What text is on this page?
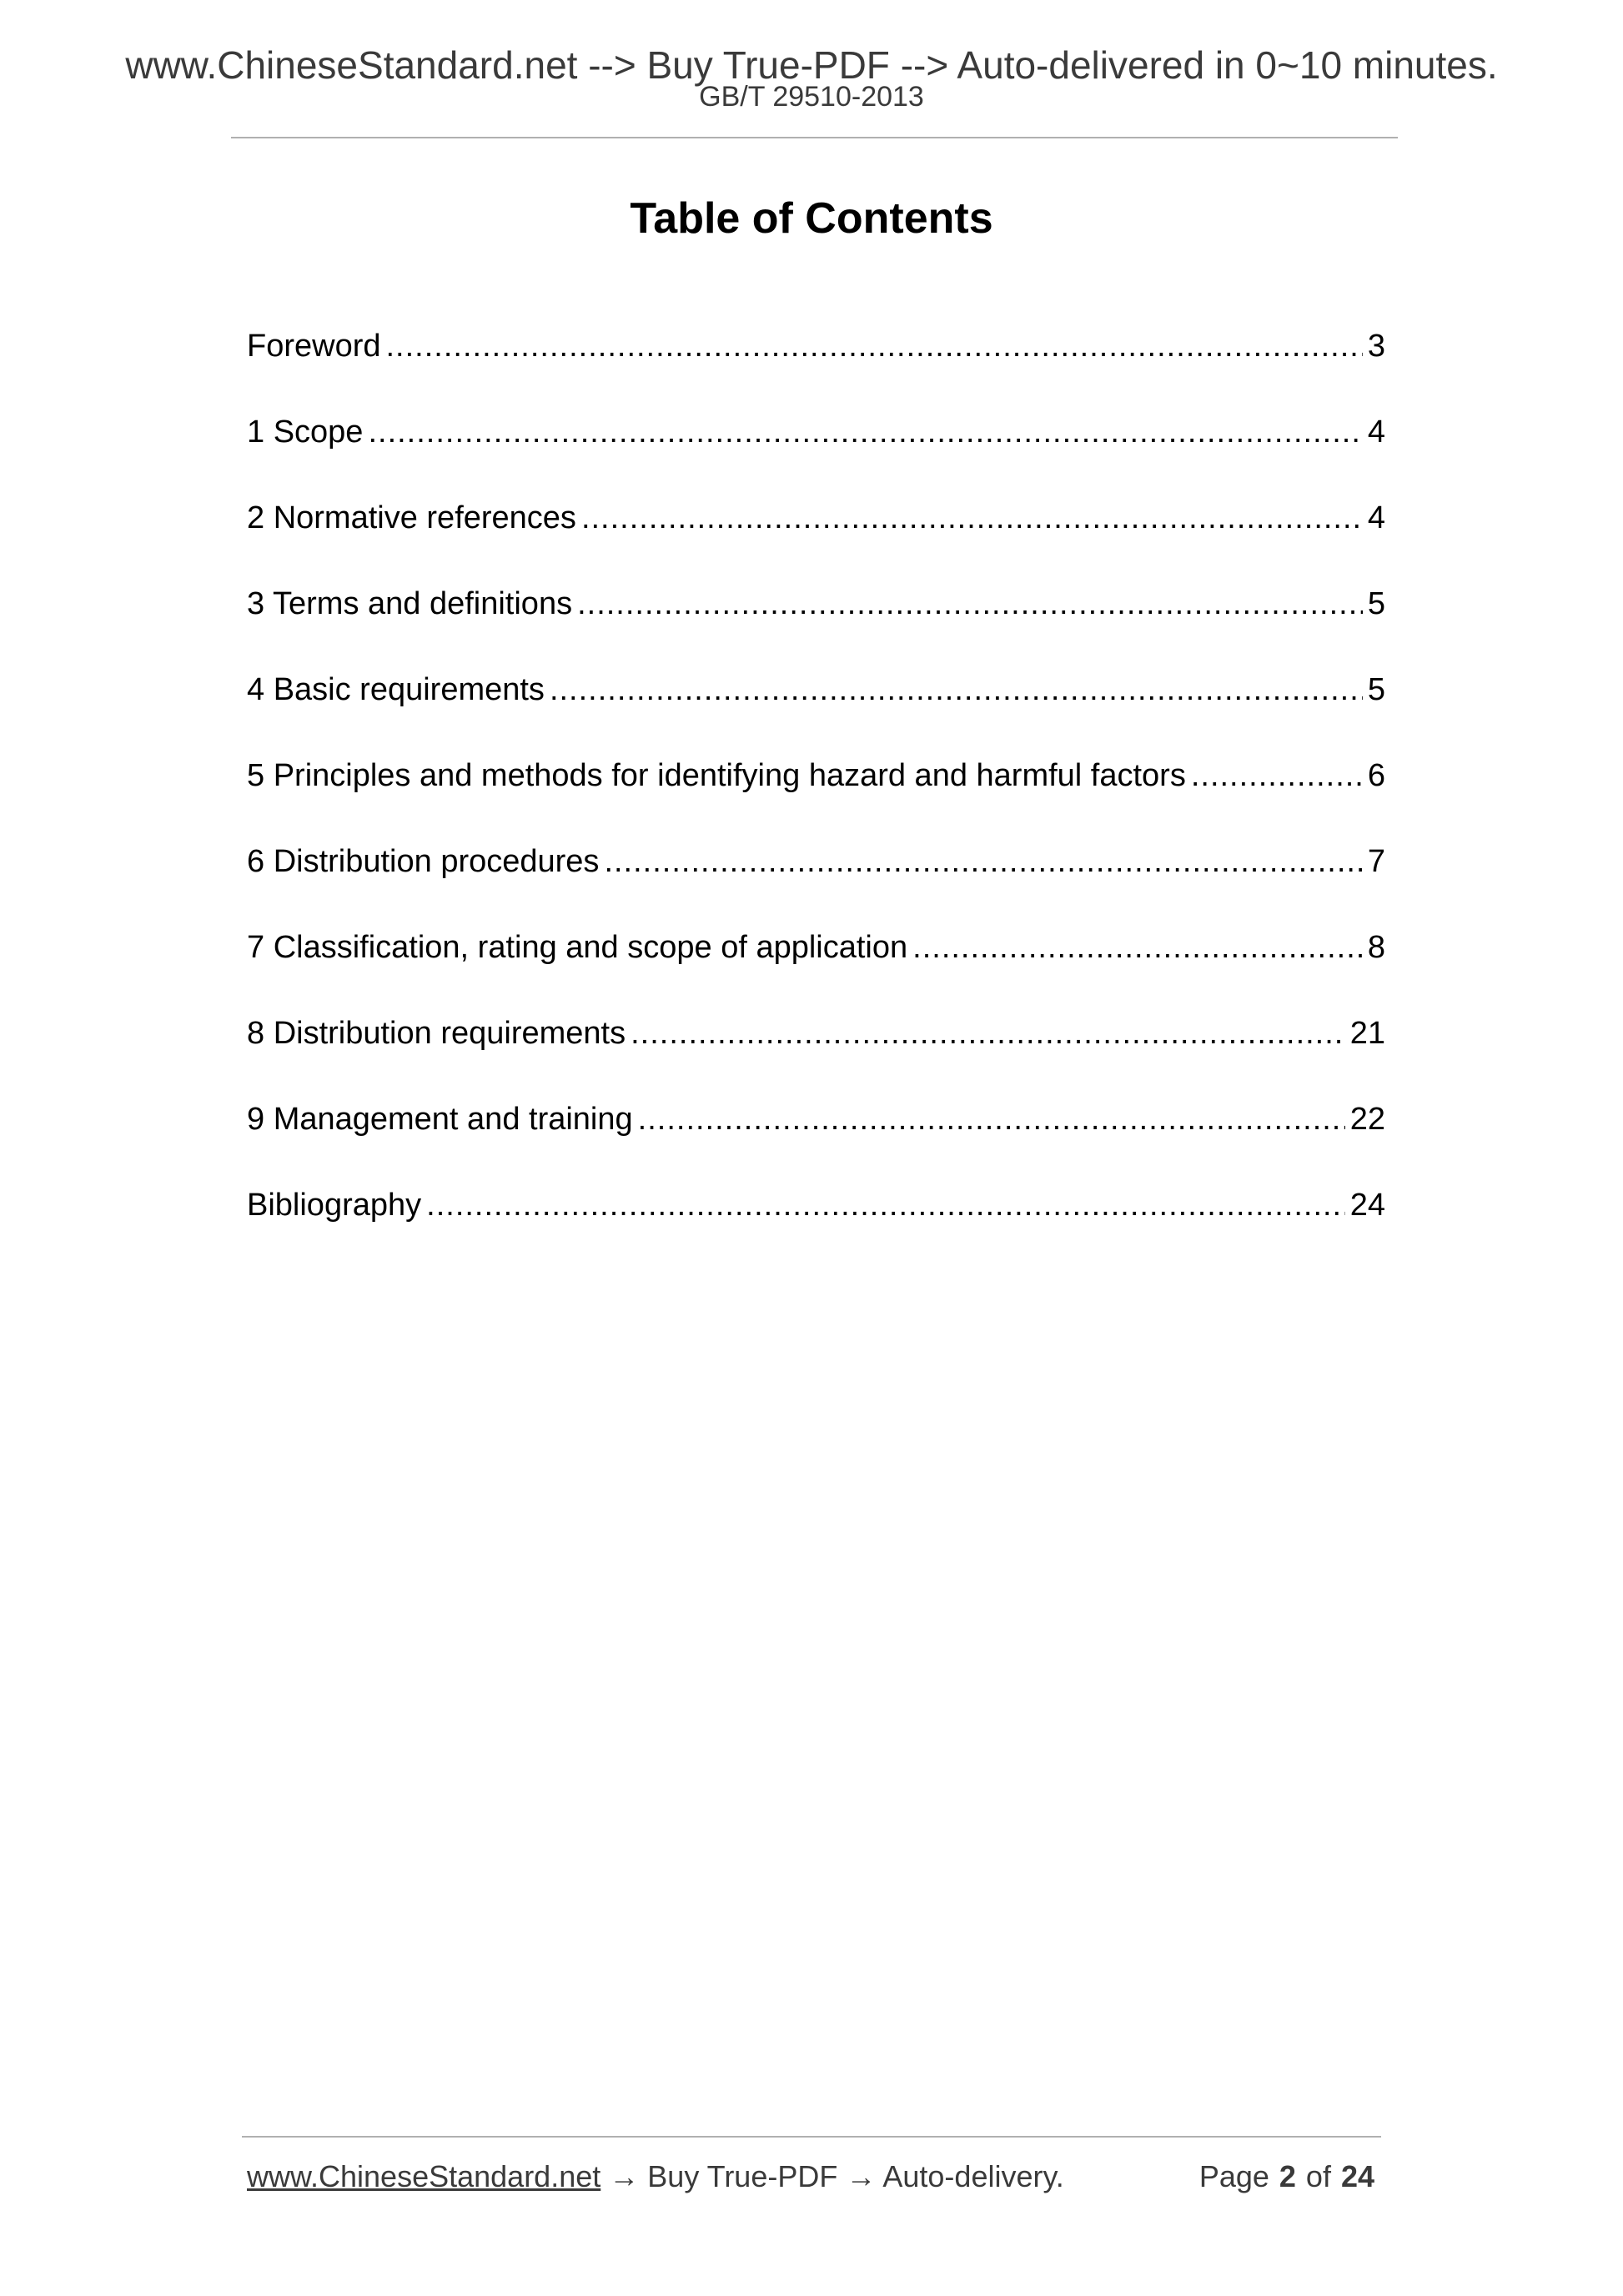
www.ChineseStandard.net --> Buy True-PDF --> Auto-delivered in 0~10 minutes.
GB/T 29510-2013
Table of Contents
Foreword .....	3
1 Scope .....	4
2 Normative references .....	4
3 Terms and definitions .....	5
4 Basic requirements .....	5
5 Principles and methods for identifying hazard and harmful factors .....	6
6 Distribution procedures .....	7
7 Classification, rating and scope of application .....	8
8 Distribution requirements .....	21
9 Management and training .....	22
Bibliography .....	24
www.ChineseStandard.net → Buy True-PDF → Auto-delivery.	Page 2 of 24
